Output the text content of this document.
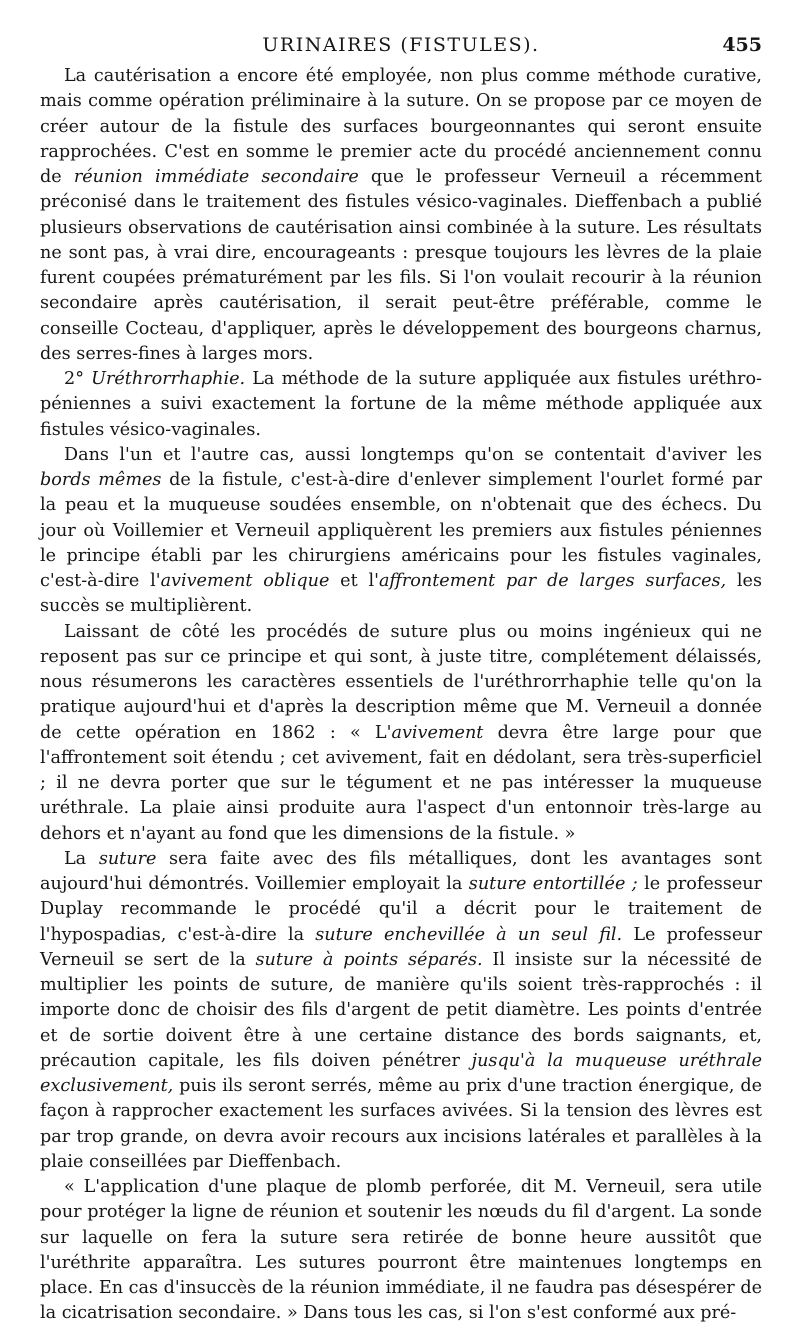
URINAIRES (FISTULES).	455

La cautérisation a encore été employée, non plus comme méthode curative, mais comme opération préliminaire à la suture. On se propose par ce moyen de créer autour de la fistule des surfaces bourgeonnantes qui seront ensuite rapprochées. C'est en somme le premier acte du procédé anciennement connu de réunion immédiate secondaire que le professeur Verneuil a récemment préconisé dans le traitement des fistules vésico-vaginales. Dieffenbach a publié plusieurs observations de cautérisation ainsi combinée à la suture. Les résultats ne sont pas, à vrai dire, encourageants : presque toujours les lèvres de la plaie furent coupées prématurément par les fils. Si l'on voulait recourir à la réunion secondaire après cautérisation, il serait peut-être préférable, comme le conseille Cocteau, d'appliquer, après le développement des bourgeons charnus, des serres-fines à larges mors.

2° Uréthrorrhaphie. La méthode de la suture appliquée aux fistules uréthro-péniennes a suivi exactement la fortune de la même méthode appliquée aux fistules vésico-vaginales.

Dans l'un et l'autre cas, aussi longtemps qu'on se contentait d'aviver les bords mêmes de la fistule, c'est-à-dire d'enlever simplement l'ourlet formé par la peau et la muqueuse soudées ensemble, on n'obtenait que des échecs. Du jour où Voillemier et Verneuil appliquèrent les premiers aux fistules péniennes le principe établi par les chirurgiens américains pour les fistules vaginales, c'est-à-dire l'avivement oblique et l'affrontement par de larges surfaces, les succès se multiplièrent.

Laissant de côté les procédés de suture plus ou moins ingénieux qui ne reposent pas sur ce principe et qui sont, à juste titre, complétement délaissés, nous résumerons les caractères essentiels de l'uréthrorrhaphie telle qu'on la pratique aujourd'hui et d'après la description même que M. Verneuil a donnée de cette opération en 1862 : « L'avivement devra être large pour que l'affrontement soit étendu ; cet avivement, fait en dédolant, sera très-superficiel ; il ne devra porter que sur le tégument et ne pas intéresser la muqueuse uréthrale. La plaie ainsi produite aura l'aspect d'un entonnoir très-large au dehors et n'ayant au fond que les dimensions de la fistule. »

La suture sera faite avec des fils métalliques, dont les avantages sont aujourd'hui démontrés. Voillemier employait la suture entortillée ; le professeur Duplay recommande le procédé qu'il a décrit pour le traitement de l'hypospadias, c'est-à-dire la suture enchevillée à un seul fil. Le professeur Verneuil se sert de la suture à points séparés. Il insiste sur la nécessité de multiplier les points de suture, de manière qu'ils soient très-rapprochés : il importe donc de choisir des fils d'argent de petit diamètre. Les points d'entrée et de sortie doivent être à une certaine distance des bords saignants, et, précaution capitale, les fils doiven pénétrer jusqu'à la muqueuse uréthrale exclusivement, puis ils seront serrés, même au prix d'une traction énergique, de façon à rapprocher exactement les surfaces avivées. Si la tension des lèvres est par trop grande, on devra avoir recours aux incisions latérales et parallèles à la plaie conseillées par Dieffenbach.

« L'application d'une plaque de plomb perforée, dit M. Verneuil, sera utile pour protéger la ligne de réunion et soutenir les nœuds du fil d'argent. La sonde sur laquelle on fera la suture sera retirée de bonne heure aussitôt que l'uréthrite apparaîtra. Les sutures pourront être maintenues longtemps en place. En cas d'insuccès de la réunion immédiate, il ne faudra pas désespérer de la cicatrisation secondaire. » Dans tous les cas, si l'on s'est conformé aux pré-
